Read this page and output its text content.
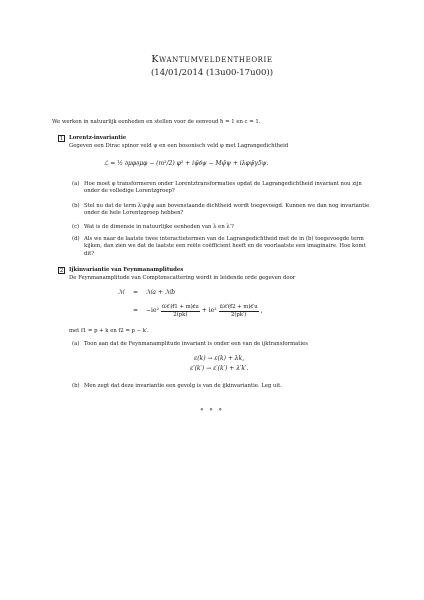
Kwantumveldentheorie
(14/01/2014 (13u00-17u00))
We werken in natuurlijk eenheden en stellen voor de eenvoud ħ = 1 en c = 1.
1	Lorentz-invariantie
Gegeven een Dirac spinor veld ψ en een bosonisch veld φ met Lagrangedichtheid
ℒ = ½ ∂μφ∂μφ − (m²/2) φ² + iψ̄∂̸ψ − Mψ̄ψ + iλφψ̄γ5ψ.
(a) Hoe moet φ transformeren onder Lorentztransformaties opdat de Lagrangedichtheid invariant nou zijn onder de volledige Lorentzgroep?
(b) Stel nu dat de term λ′φψ̄ψ aan bovenstaande dichtheid wordt toegevoegd. Kunnen we dan nog invariantie onder de hele Lorentzgroep hebben?
(c) Wat is de dimensie in natuurlijke eenheden van λ en λ′?
(d) Als we naar de laatste twee interactietermen van de Lagrangedichtheid met de in (b) toegevoegde term kijken, dan zien we dat de laatste een reële coëfficient heeft en de voorlaatste een imaginaire. Hoe komt dit?
2	Ijkinvariantie van Feynmanamplitudes
De Feynmanamplitude van Comptonscattering wordt in leidende orde gegeven door
ℳ = ℳa + ℳb
= $-ie^2 \frac{ū'\varepsilon̸'(f̸1 + m)\varepsilon̸u}{2(pk)} + ie^2 \frac{ū'\varepsilon̸'(f̸2 + m)\varepsilon̸'u}{2(pk')}$ ,
met f1 = p + k en f2 = p − k′.
(a) Toon aan dat de Feynmanamplitude invariant is onder een van de ijktransformaties
ε(k) → ε(k) + λk,
ε′(k′) → ε′(k′) + λ′k′.
(b) Men zegt dat deze invariantie een gevolg is van de ijkinvariantie. Leg uit.
⋄ ⋄ ⋄
